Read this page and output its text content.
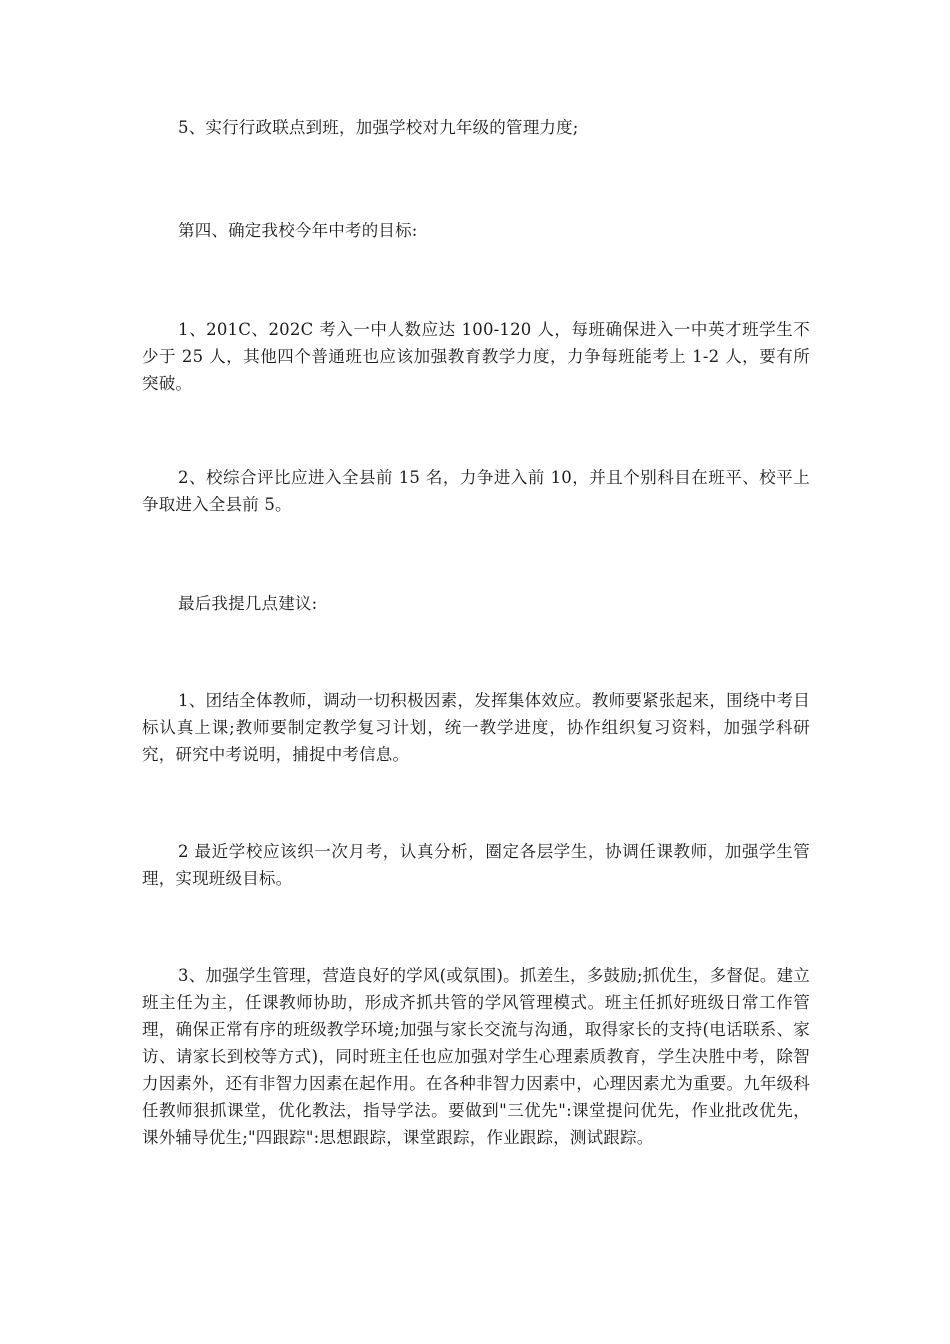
5、实行行政联点到班，加强学校对九年级的管理力度;

第四、确定我校今年中考的目标:

1、201C、202C 考入一中人数应达 100-120 人，每班确保进入一中英才班学生不少于 25 人，其他四个普通班也应该加强教育教学力度，力争每班能考上 1-2 人，要有所突破。

2、校综合评比应进入全县前 15 名，力争进入前 10，并且个别科目在班平、校平上争取进入全县前 5。

最后我提几点建议:

1、团结全体教师，调动一切积极因素，发挥集体效应。教师要紧张起来，围绕中考目标认真上课;教师要制定教学复习计划，统一教学进度，协作组织复习资料，加强学科研究，研究中考说明，捕捉中考信息。

2 最近学校应该织一次月考，认真分析，圈定各层学生，协调任课教师，加强学生管理，实现班级目标。

3、加强学生管理，营造良好的学风(或氛围)。抓差生，多鼓励;抓优生，多督促。建立班主任为主，任课教师协助，形成齐抓共管的学风管理模式。班主任抓好班级日常工作管理，确保正常有序的班级教学环境;加强与家长交流与沟通，取得家长的支持(电话联系、家访、请家长到校等方式)，同时班主任也应加强对学生心理素质教育，学生决胜中考，除智力因素外，还有非智力因素在起作用。在各种非智力因素中，心理因素尤为重要。九年级科任教师狠抓课堂，优化教法，指导学法。要做到"三优先":课堂提问优先，作业批改优先，课外辅导优生;"四跟踪":思想跟踪，课堂跟踪，作业跟踪，测试跟踪。
